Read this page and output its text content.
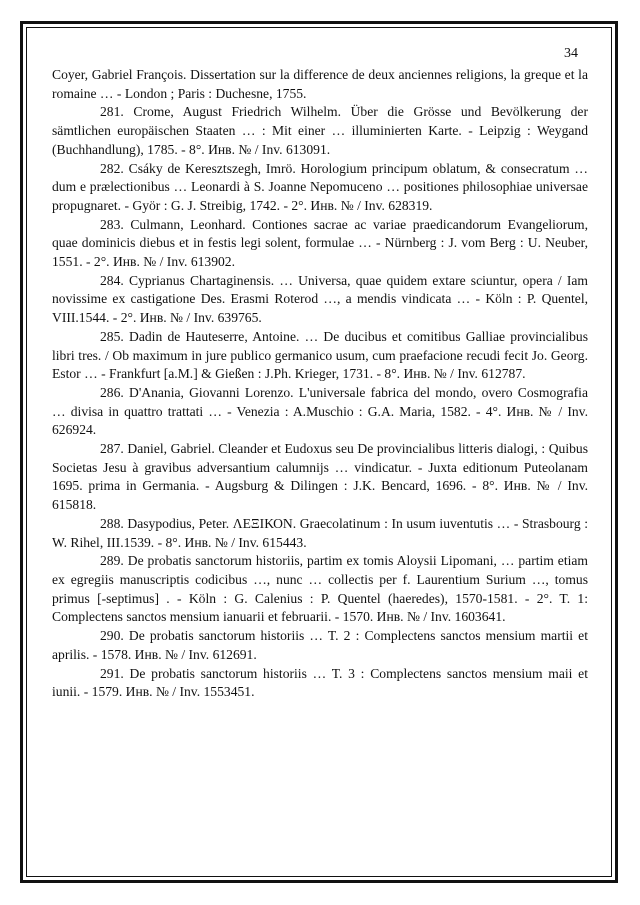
34

Coyer, Gabriel François. Dissertation sur la difference de deux anciennes religions, la greque et la romaine … - London ; Paris : Duchesne, 1755.

281. Crome, August Friedrich Wilhelm. Über die Grösse und Bevölkerung der sämtlichen europäischen Staaten … : Mit einer … illuminierten Karte. - Leipzig : Weygand (Buchhandlung), 1785. - 8°. Инв. № / Inv. 613091.

282. Csáky de Keresztszegh, Imrö. Horologium principum oblatum, & consecratum … dum e prælectionibus … Leonardi à S. Joanne Nepomuceno … positiones philosophiae universae propugnaret. - Györ : G. J. Streibig, 1742. - 2°. Инв. № / Inv. 628319.

283. Culmann, Leonhard. Contiones sacrae ac variae praedicandorum Evangeliorum, quae dominicis diebus et in festis legi solent, formulae … - Nürnberg : J. vom Berg : U. Neuber, 1551. - 2°. Инв. № / Inv. 613902.

284. Cyprianus Chartaginensis. … Universa, quae quidem extare sciuntur, opera / Iam novissime ex castigatione Des. Erasmi Roterod …, a mendis vindicata … - Köln : P. Quentel, VIII.1544. - 2°. Инв. № / Inv. 639765.

285. Dadin de Hauteserre, Antoine. … De ducibus et comitibus Galliae provincialibus libri tres. / Ob maximum in jure publico germanico usum, cum praefacione recudi fecit Jo. Georg. Estor … - Frankfurt [a.M.] & Gießen : J.Ph. Krieger, 1731. - 8°. Инв. № / Inv. 612787.

286. D'Anania, Giovanni Lorenzo. L'universale fabrica del mondo, overo Cosmografia … divisa in quattro trattati … - Venezia : A.Muschio : G.A. Maria, 1582. - 4°. Инв. № / Inv. 626924.

287. Daniel, Gabriel. Cleander et Eudoxus seu De provincialibus litteris dialogi, : Quibus Societas Jesu à gravibus adversantium calumnijs … vindicatur. - Juxta editionum Puteolanam 1695. prima in Germania. - Augsburg & Dilingen : J.K. Bencard, 1696. - 8°. Инв. № / Inv. 615818.

288. Dasypodius, Peter. ΛΕΞΙΚΟΝ. Graecolatinum : In usum iuventutis … - Strasbourg : W. Rihel, III.1539. - 8°. Инв. № / Inv. 615443.

289. De probatis sanctorum historiis, partim ex tomis Aloysii Lipomani, … partim etiam ex egregiis manuscriptis codicibus …, nunc … collectis per f. Laurentium Surium …, tomus primus [-septimus] . - Köln : G. Calenius : P. Quentel (haeredes), 1570-1581. - 2°. T. 1: Complectens sanctos mensium ianuarii et februarii. - 1570. Инв. № / Inv. 1603641.

290. De probatis sanctorum historiis … T. 2 : Complectens sanctos mensium martii et aprilis. - 1578. Инв. № / Inv. 612691.

291. De probatis sanctorum historiis … T. 3 : Complectens sanctos mensium maii et iunii. - 1579. Инв. № / Inv. 1553451.
